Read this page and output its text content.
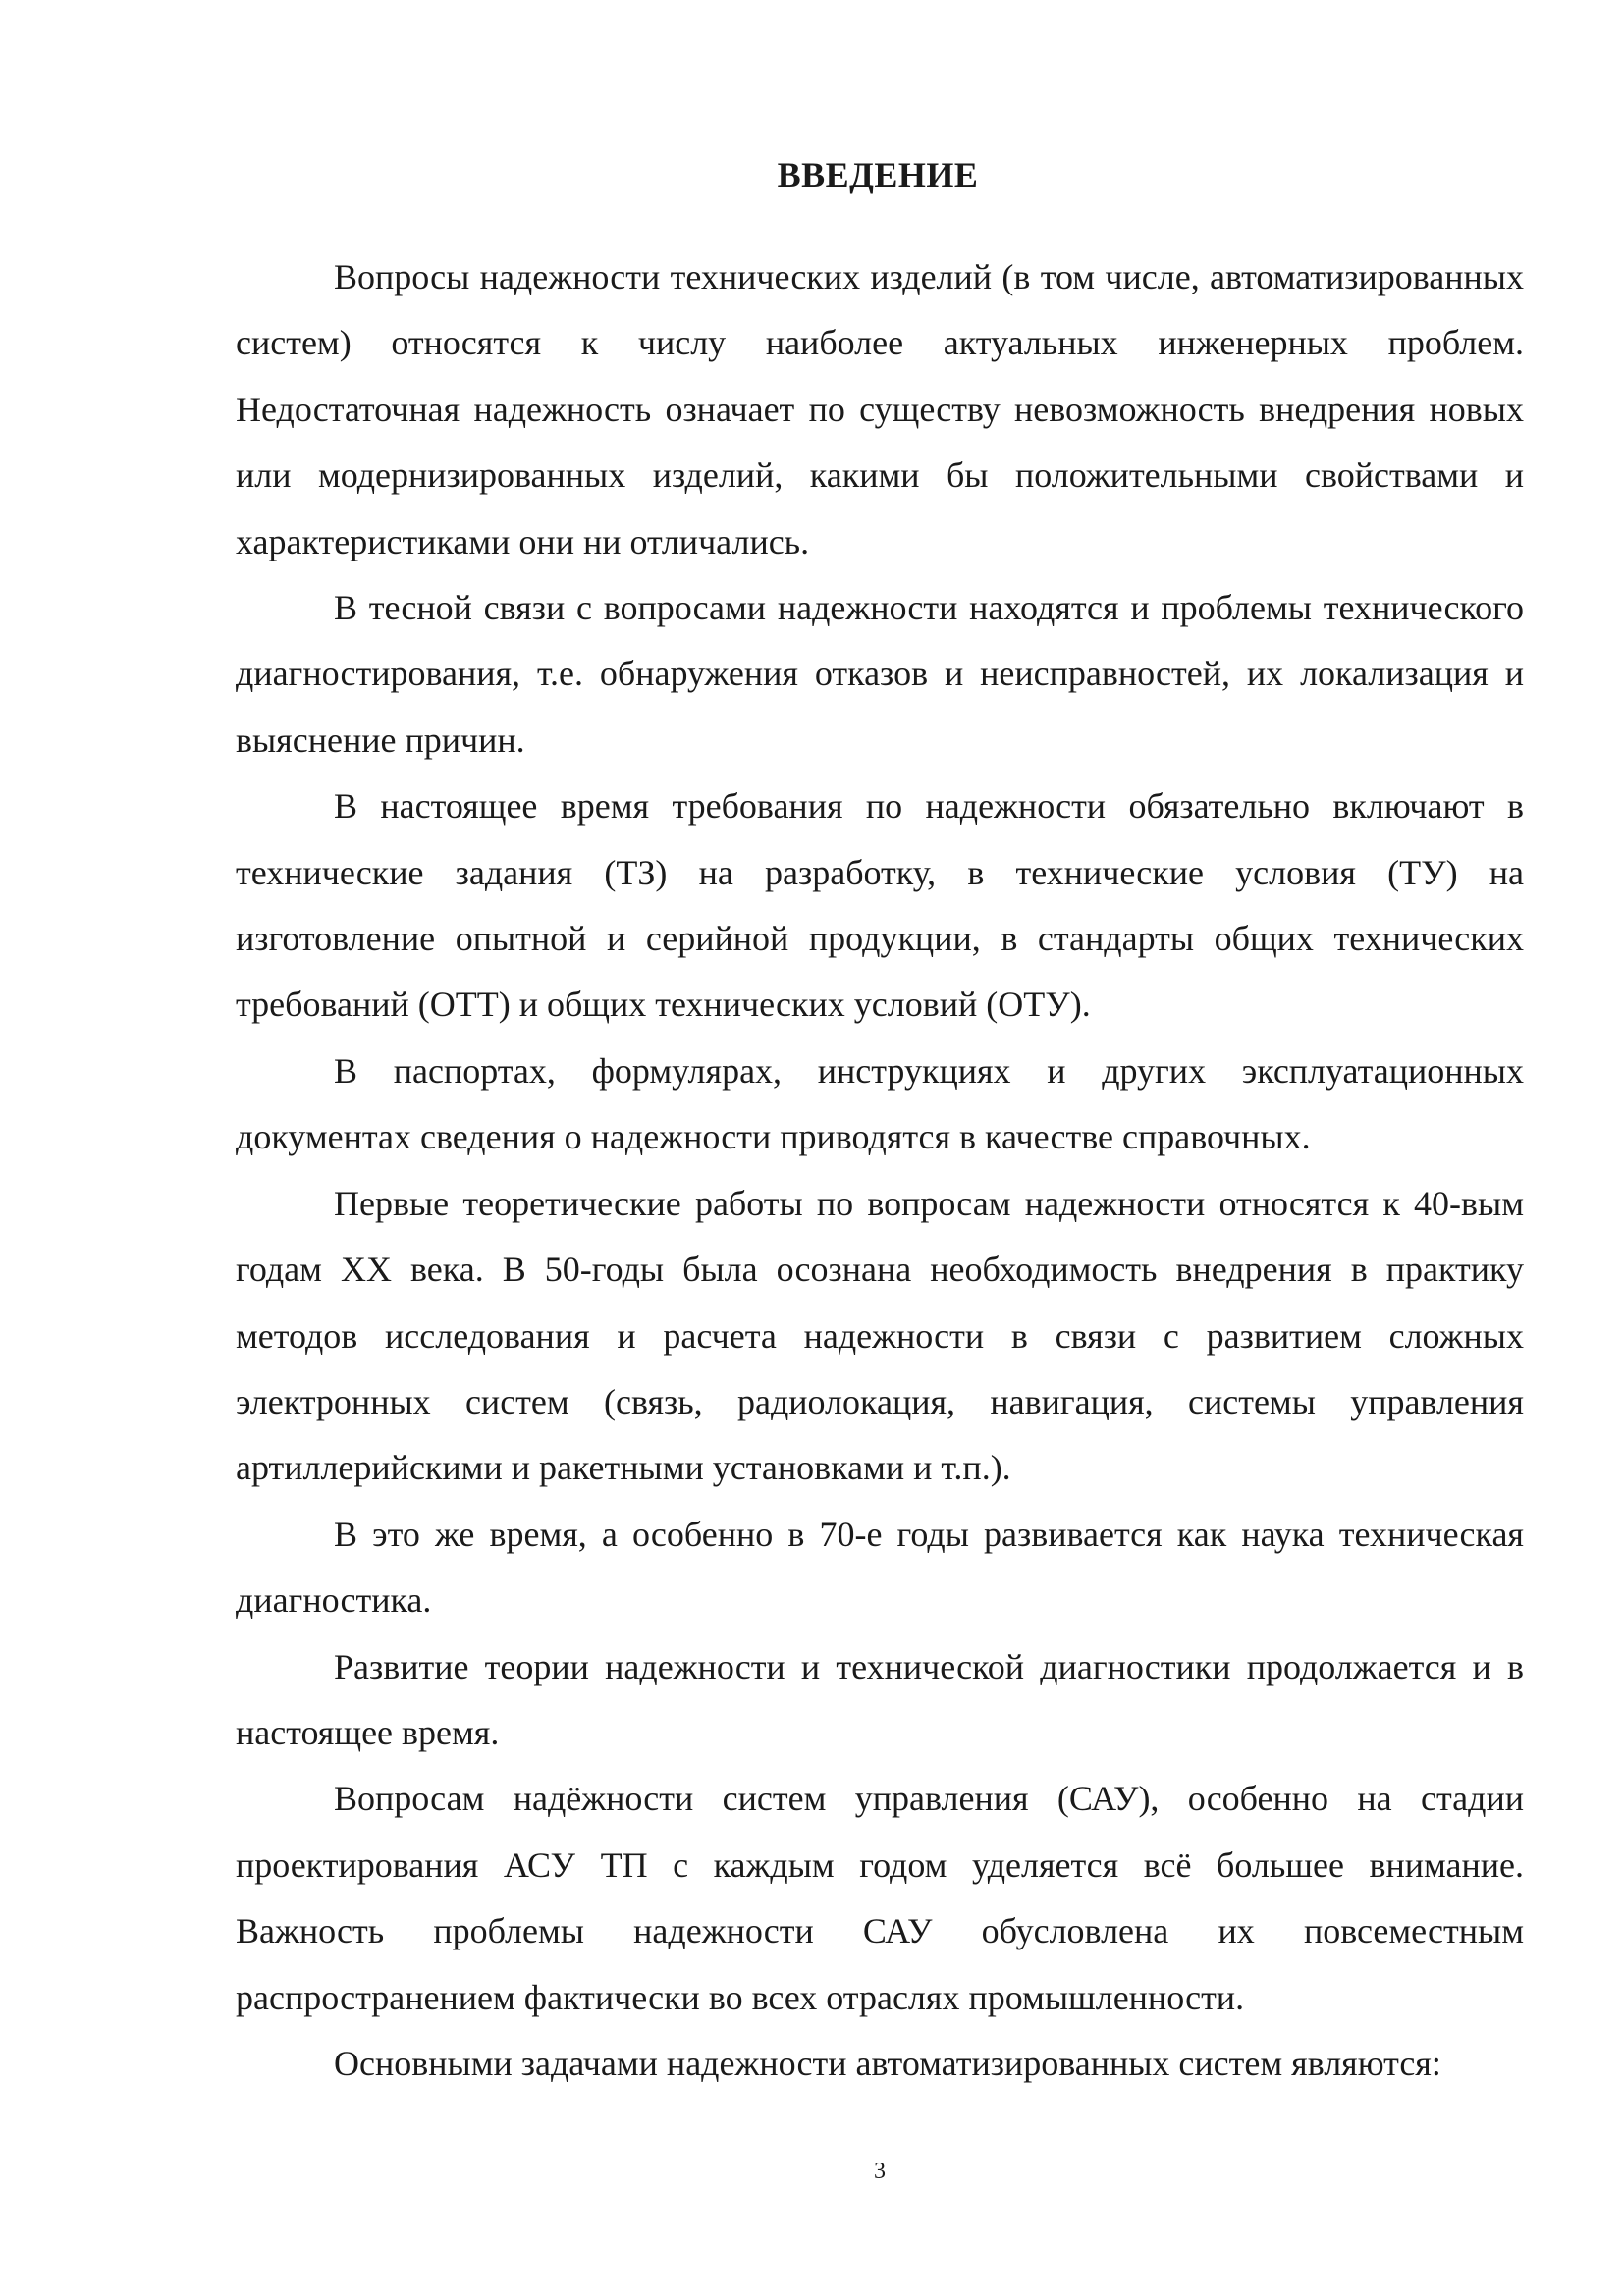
ВВЕДЕНИЕ

Вопросы надежности технических изделий (в том числе, автоматизированных систем) относятся к числу наиболее актуальных инженерных проблем. Недостаточная надежность означает по существу невозможность внедрения новых или модернизированных изделий, какими бы положительными свойствами и характеристиками они ни отличались.

В тесной связи с вопросами надежности находятся и проблемы технического диагностирования, т.е. обнаружения отказов и неисправностей, их локализация и выяснение причин.

В настоящее время требования по надежности обязательно включают в технические задания (ТЗ) на разработку, в технические условия (ТУ) на изготовление опытной и серийной продукции, в стандарты общих технических требований (ОТТ) и общих технических условий (ОТУ).

В паспортах, формулярах, инструкциях и других эксплуатационных документах сведения о надежности приводятся в качестве справочных.

Первые теоретические работы по вопросам надежности относятся к 40-вым годам XX века. В 50-годы была осознана необходимость внедрения в практику методов исследования и расчета надежности в связи с развитием сложных электронных систем (связь, радиолокация, навигация, системы управления артиллерийскими и ракетными установками и т.п.).

В это же время, а особенно в 70-е годы развивается как наука техническая диагностика.

Развитие теории надежности и технической диагностики продолжается и в настоящее время.

Вопросам надёжности систем управления (САУ), особенно на стадии проектирования АСУ ТП с каждым годом уделяется всё большее внимание. Важность проблемы надежности САУ обусловлена их повсеместным распространением фактически во всех отраслях промышленности.

Основными задачами надежности автоматизированных систем являются:

3
